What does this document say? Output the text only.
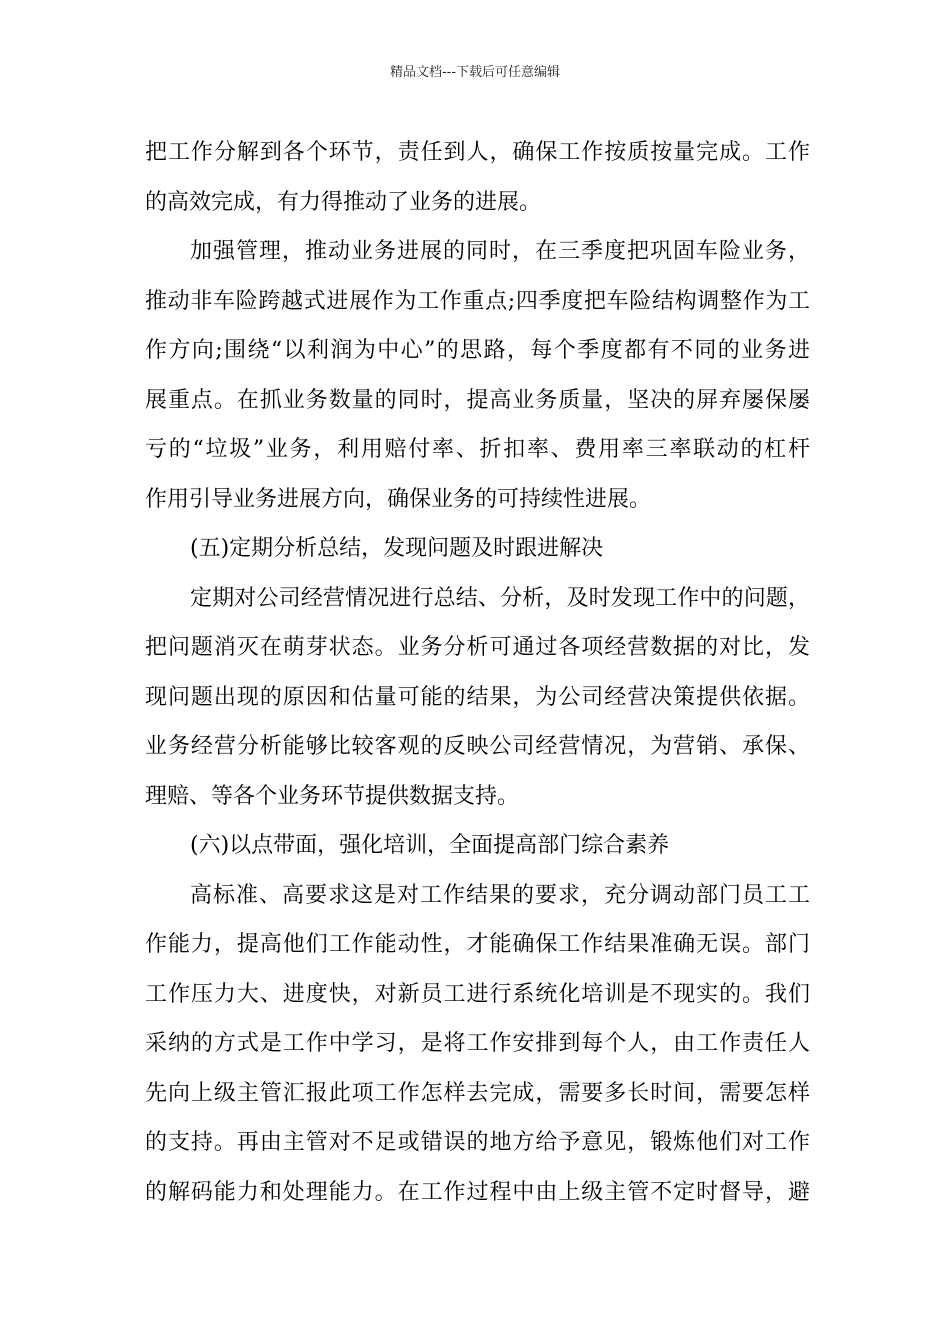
精品文档---下载后可任意编辑
把工作分解到各个环节，责任到人，确保工作按质按量完成。工作
的高效完成，有力得推动了业务的进展。
加强管理，推动业务进展的同时，在三季度把巩固车险业务，
推动非车险跨越式进展作为工作重点;四季度把车险结构调整作为工
作方向;围绕“以利润为中心”的思路，每个季度都有不同的业务进
展重点。在抓业务数量的同时，提高业务质量，坚决的屏弃屡保屡
亏的“垃圾”业务，利用赔付率、折扣率、费用率三率联动的杠杆
作用引导业务进展方向，确保业务的可持续性进展。
(五)定期分析总结，发现问题及时跟进解决
定期对公司经营情况进行总结、分析，及时发现工作中的问题，
把问题消灭在萌芽状态。业务分析可通过各项经营数据的对比，发
现问题出现的原因和估量可能的结果，为公司经营决策提供依据。
业务经营分析能够比较客观的反映公司经营情况，为营销、承保、
理赔、等各个业务环节提供数据支持。
(六)以点带面，强化培训，全面提高部门综合素养
高标准、高要求这是对工作结果的要求，充分调动部门员工工
作能力，提高他们工作能动性，才能确保工作结果准确无误。部门
工作压力大、进度快，对新员工进行系统化培训是不现实的。我们
采纳的方式是工作中学习，是将工作安排到每个人，由工作责任人
先向上级主管汇报此项工作怎样去完成，需要多长时间，需要怎样
的支持。再由主管对不足或错误的地方给予意见，锻炼他们对工作
的解码能力和处理能力。在工作过程中由上级主管不定时督导，避
